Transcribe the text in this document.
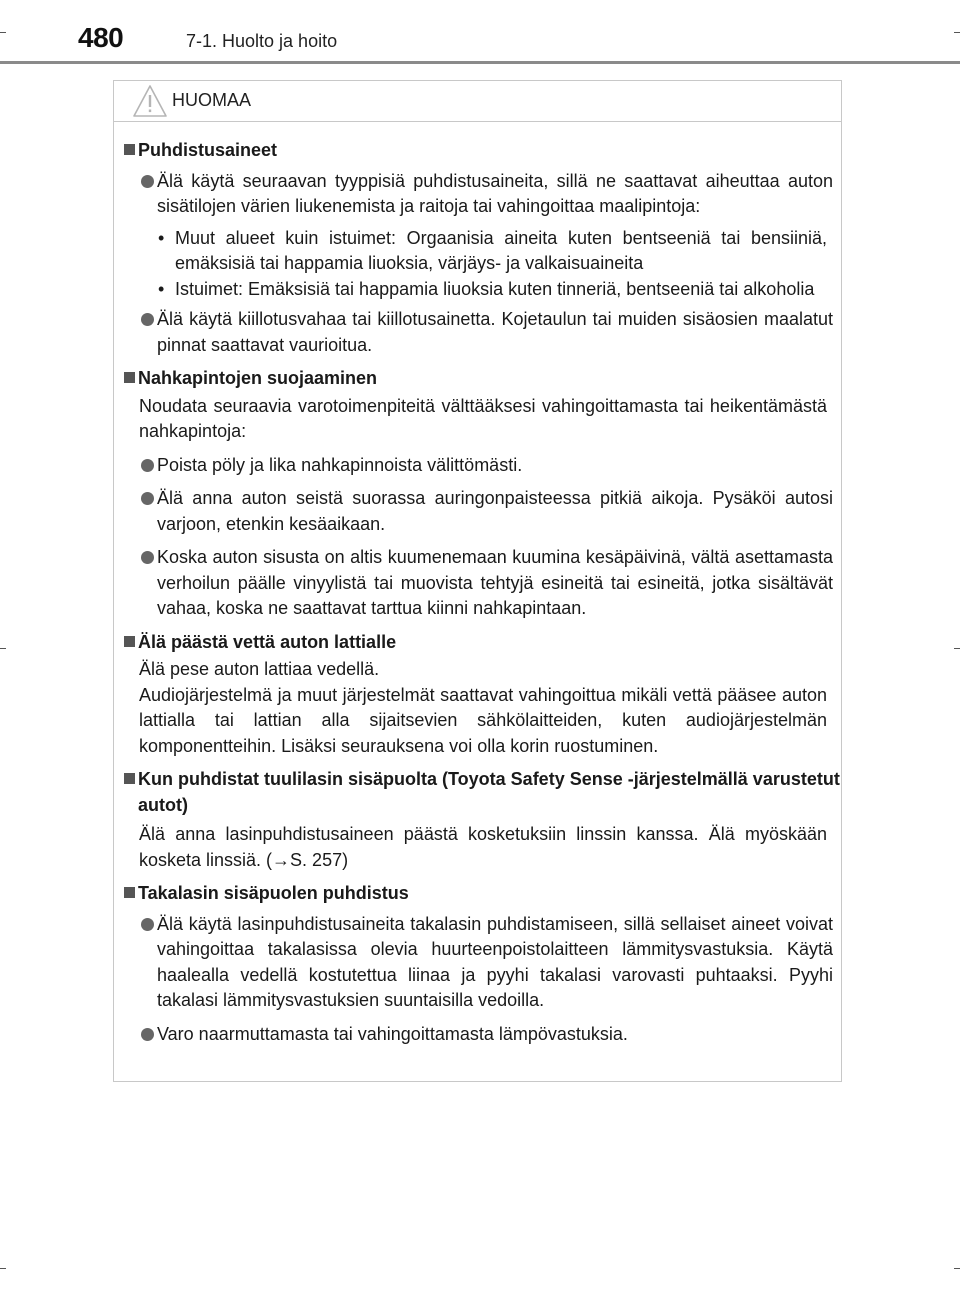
480	7-1. Huolto ja hoito
HUOMAA
Puhdistusaineet
Älä käytä seuraavan tyyppisiä puhdistusaineita, sillä ne saattavat aiheuttaa auton sisätilojen värien liukenemista ja raitoja tai vahingoittaa maalipintoja:
• Muut alueet kuin istuimet: Orgaanisia aineita kuten bentseeniä tai bensiiniä, emäksisiä tai happamia liuoksia, värjäys- ja valkaisuaineita
• Istuimet: Emäksisiä tai happamia liuoksia kuten tinneriä, bentseeniä tai alkoholia
Älä käytä kiillotusvahaa tai kiillotusainetta. Kojetaulun tai muiden sisäosien maalatut pinnat saattavat vaurioitua.
Nahkapintojen suojaaminen
Noudata seuraavia varotoimenpiteitä välttääksesi vahingoittamasta tai heikentämästä nahkapintoja:
Poista pöly ja lika nahkapinnoista välittömästi.
Älä anna auton seistä suorassa auringonpaisteessa pitkiä aikoja. Pysäköi autosi varjoon, etenkin kesäaikaan.
Koska auton sisusta on altis kuumenemaan kuumina kesäpäivinä, vältä asettamasta verhoilun päälle vinyylistä tai muovista tehtyjä esineitä tai esineitä, jotka sisältävät vahaa, koska ne saattavat tarttua kiinni nahkapintaan.
Älä päästä vettä auton lattialle
Älä pese auton lattiaa vedellä.
Audiojärjestelmä ja muut järjestelmät saattavat vahingoittua mikäli vettä pääsee auton lattialla tai lattian alla sijaitsevien sähkölaitteiden, kuten audiojärjestelmän komponentteihin. Lisäksi seurauksena voi olla korin ruostuminen.
Kun puhdistat tuulilasin sisäpuolta (Toyota Safety Sense -järjestelmällä varustetut autot)
Älä anna lasinpuhdistusaineen päästä kosketuksiin linssin kanssa. Älä myöskään kosketa linssiä. (→S. 257)
Takalasin sisäpuolen puhdistus
Älä käytä lasinpuhdistusaineita takalasin puhdistamiseen, sillä sellaiset aineet voivat vahingoittaa takalasissa olevia huurteenpoistolaitteen lämmitysvastuksia. Käytä haalealla vedellä kostutettua liinaa ja pyyhi takalasi varovasti puhtaaksi. Pyyhi takalasi lämmitysvastuksien suuntaisilla vedoilla.
Varo naarmuttamasta tai vahingoittamasta lämpövastuksia.
